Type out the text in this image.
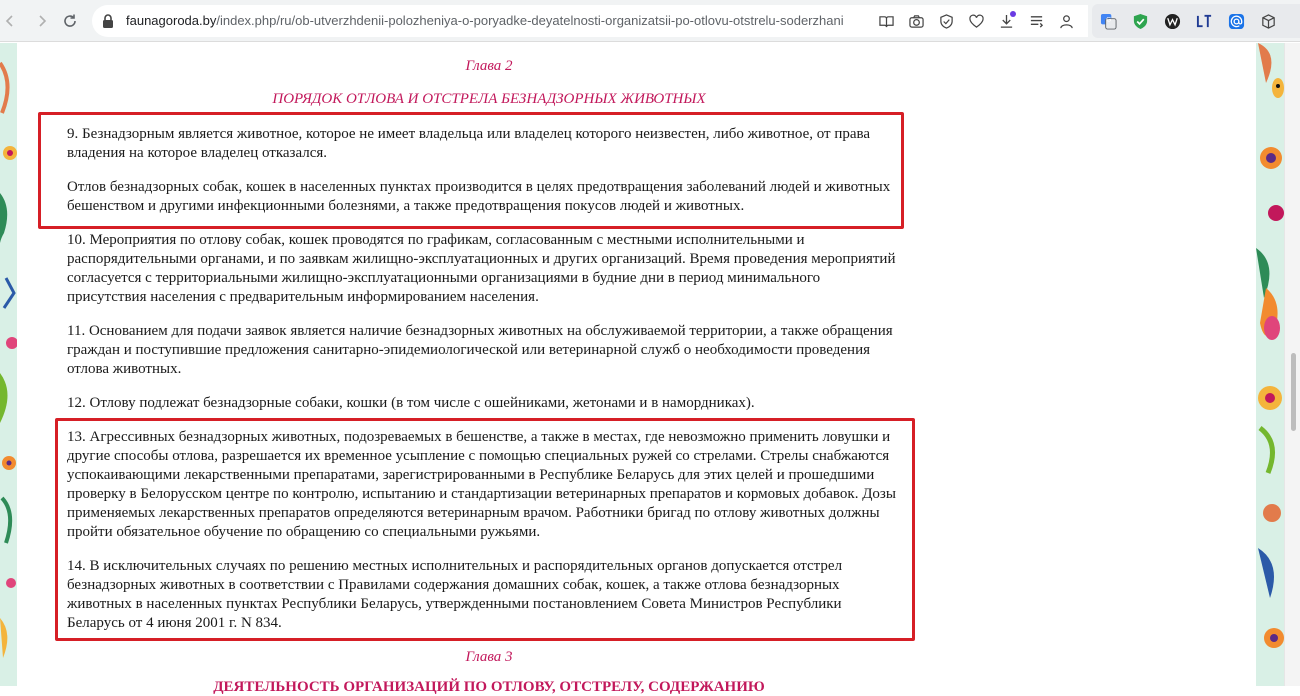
faunagoroda.by/index.php/ru/ob-utverzhdenii-polozheniya-o-poryadke-deyatelnosti-organizatsii-po-otlovu-otstrelu-soderzhani	G
Глава 2
ПОРЯДОК ОТЛОВА И ОТСТРЕЛА БЕЗНАДЗОРНЫХ ЖИВОТНЫХ
9. Безнадзорным является животное, которое не имеет владельца или владелец которого неизвестен, либо животное, от права владения на которое владелец отказался.
Отлов безнадзорных собак, кошек в населенных пунктах производится в целях предотвращения заболеваний людей и животных бешенством и другими инфекционными болезнями, а также предотвращения покусов людей и животных.
10. Мероприятия по отлову собак, кошек проводятся по графикам, согласованным с местными исполнительными и распорядительными органами, и по заявкам жилищно-эксплуатационных и других организаций. Время проведения мероприятий согласуется с территориальными жилищно-эксплуатационными организациями в будние дни в период минимального присутствия населения с предварительным информированием населения.
11. Основанием для подачи заявок является наличие безнадзорных животных на обслуживаемой территории, а также обращения граждан и поступившие предложения санитарно-эпидемиологической или ветеринарной служб о необходимости проведения отлова животных.
12. Отлову подлежат безнадзорные собаки, кошки (в том числе с ошейниками, жетонами и в намордниках).
13. Агрессивных безнадзорных животных, подозреваемых в бешенстве, а также в местах, где невозможно применить ловушки и другие способы отлова, разрешается их временное усыпление с помощью специальных ружей со стрелами. Стрелы снабжаются успокаивающими лекарственными препаратами, зарегистрированными в Республике Беларусь для этих целей и прошедшими проверку в Белорусском центре по контролю, испытанию и стандартизации ветеринарных препаратов и кормовых добавок. Дозы применяемых лекарственных препаратов определяются ветеринарным врачом. Работники бригад по отлову животных должны пройти обязательное обучение по обращению со специальными ружьями.
14. В исключительных случаях по решению местных исполнительных и распорядительных органов допускается отстрел безнадзорных животных в соответствии с Правилами содержания домашних собак, кошек, а также отлова безнадзорных животных в населенных пунктах Республики Беларусь, утвержденными постановлением Совета Министров Республики Беларусь от 4 июня 2001 г. N 834.
Глава 3
ДЕЯТЕЛЬНОСТЬ ОРГАНИЗАЦИЙ ПО ОТЛОВУ, ОТСТРЕЛУ, СОДЕРЖАНИЮ
